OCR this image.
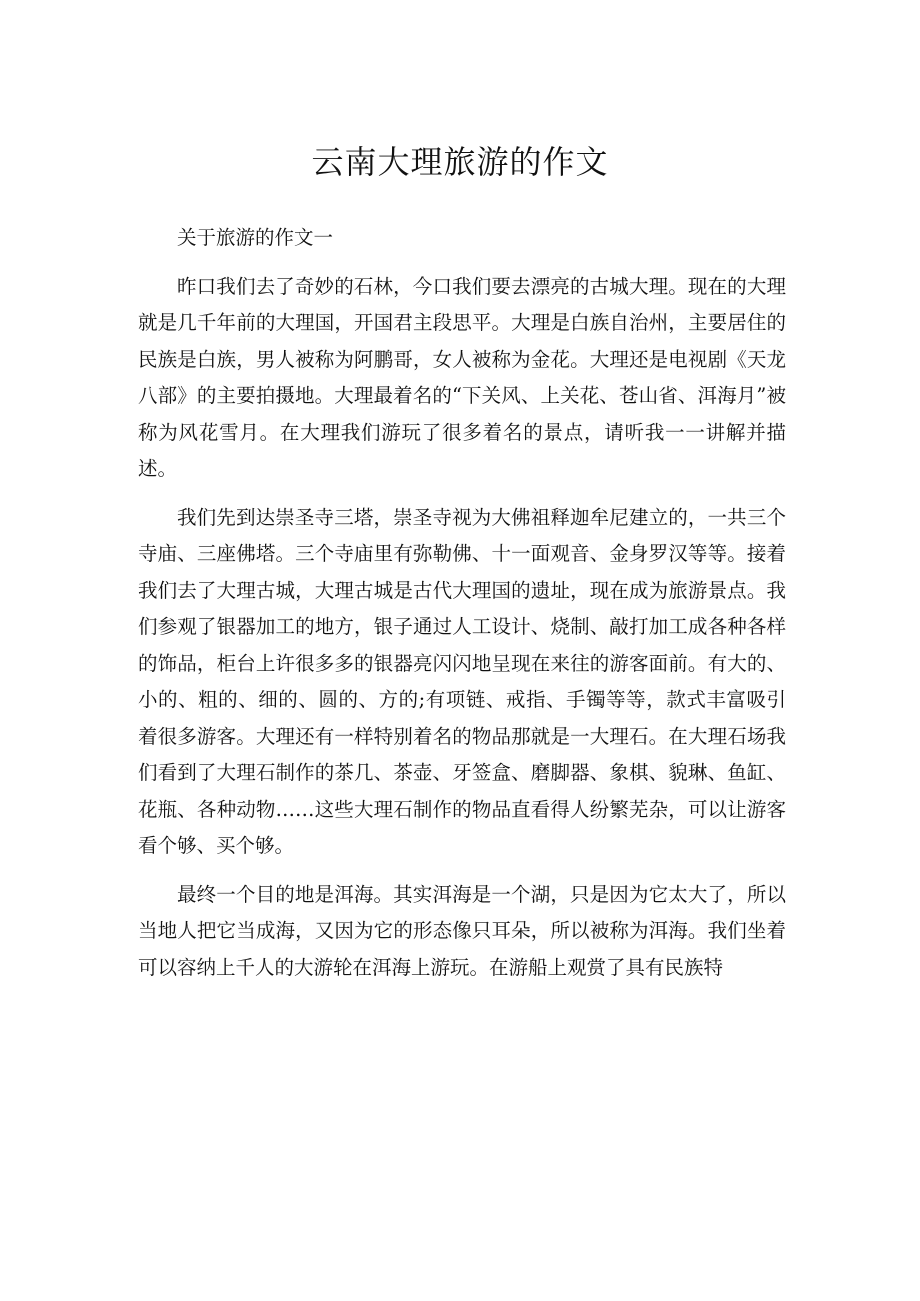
云南大理旅游的作文

关于旅游的作文一

昨口我们去了奇妙的石林，今口我们要去漂亮的古城大理。现在的大理就是几千年前的大理国，开国君主段思平。大理是白族自治州，主要居住的民族是白族，男人被称为阿鹏哥，女人被称为金花。大理还是电视剧《天龙八部》的主要拍摄地。大理最着名的“下关风、上关花、苍山省、洱海月”被称为风花雪月。在大理我们游玩了很多着名的景点，请听我一一讲解并描述。

我们先到达崇圣寺三塔，崇圣寺视为大佛祖释迦牟尼建立的，一共三个寺庙、三座佛塔。三个寺庙里有弥勒佛、十一面观音、金身罗汉等等。接着我们去了大理古城，大理古城是古代大理国的遗址，现在成为旅游景点。我们参观了银器加工的地方，银子通过人工设计、烧制、敲打加工成各种各样的饰品，柜台上许很多多的银器亮闪闪地呈现在来往的游客面前。有大的、小的、粗的、细的、圆的、方的;有项链、戒指、手镯等等，款式丰富吸引着很多游客。大理还有一样特别着名的物品那就是一大理石。在大理石场我们看到了大理石制作的茶几、茶壶、牙签盒、磨脚器、象棋、貌琳、鱼缸、花瓶、各种动物……这些大理石制作的物品直看得人纷繁芜杂，可以让游客看个够、买个够。

最终一个目的地是洱海。其实洱海是一个湖，只是因为它太大了，所以当地人把它当成海，又因为它的形态像只耳朵，所以被称为洱海。我们坐着可以容纳上千人的大游轮在洱海上游玩。在游船上观赏了具有民族特
